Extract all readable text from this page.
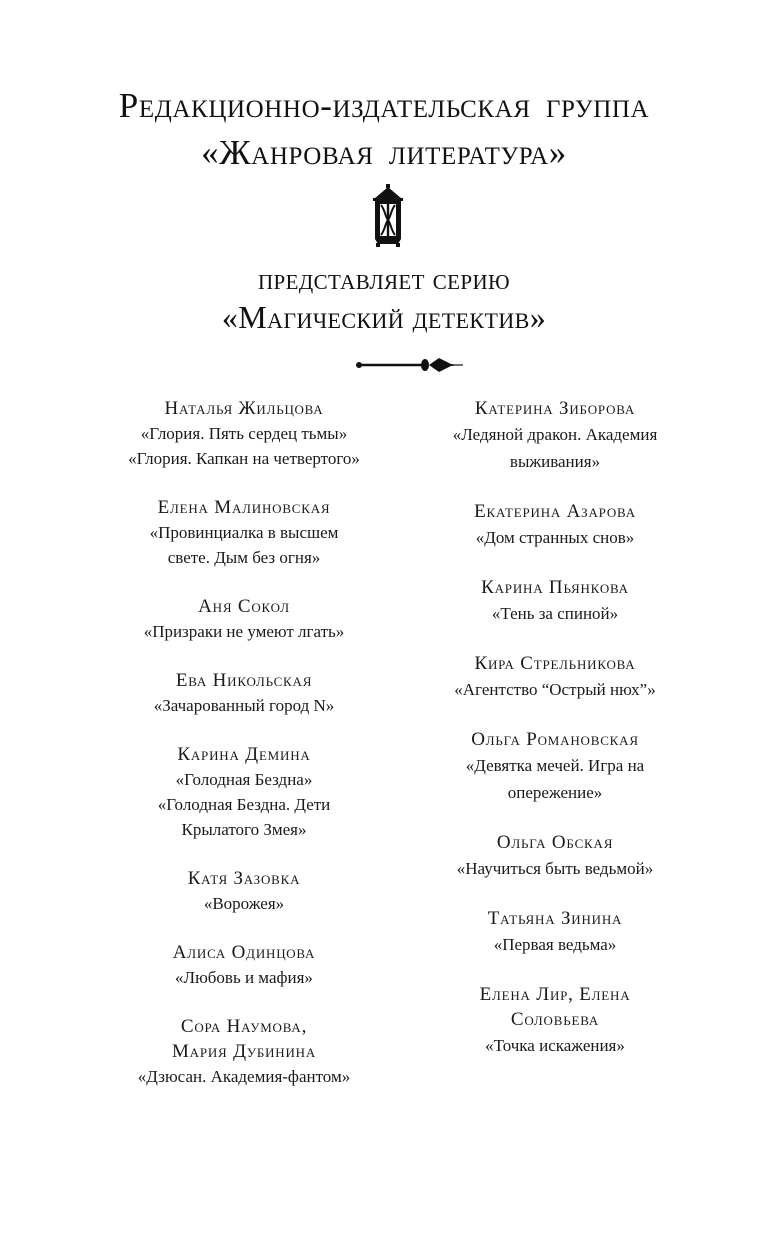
Редакционно-издательская группа
«Жанровая литература»
представляет серию
«Магический детектив»
Наталья Жильцова
«Глория. Пять сердец тьмы»
«Глория. Капкан на четвертого»
Елена Малиновская
«Провинциалка в высшем
свете. Дым без огня»
Аня Сокол
«Призраки не умеют лгать»
Ева Никольская
«Зачарованный город N»
Карина Демина
«Голодная Бездна»
«Голодная Бездна. Дети
Крылатого Змея»
Катя Зазовка
«Ворожея»
Алиса Одинцова
«Любовь и мафия»
Сора Наумова,
Мария Дубинина
«Дзюсан. Академия-фантом»
Катерина Зиборова
«Ледяной дракон. Академия
выживания»
Екатерина Азарова
«Дом странных снов»
Карина Пьянкова
«Тень за спиной»
Кира Стрельникова
«Агентство “Острый нюх”»
Ольга Романовская
«Девятка мечей. Игра на
опережение»
Ольга Обская
«Научиться быть ведьмой»
Татьяна Зинина
«Первая ведьма»
Елена Лир, Елена
Соловьева
«Точка искажения»
